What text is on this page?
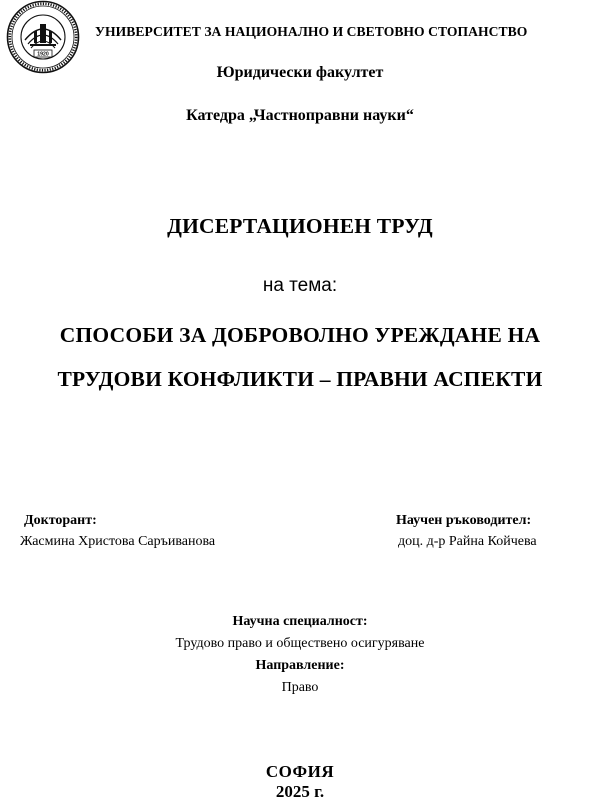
1920
УНИВЕРСИТЕТ ЗА НАЦИОНАЛНО И СВЕТОВНО СТОПАНСТВО
Юридически факултет
Катедра „Частноправни науки“
ДИСЕРТАЦИОНЕН ТРУД
на тема:
СПОСОБИ ЗА ДОБРОВОЛНО УРЕЖДАНЕ НА
ТРУДОВИ КОНФЛИКТИ – ПРАВНИ АСПЕКТИ
Докторант:
Жасмина Христова Саръиванова
Научен ръководител:
доц. д-р Райна Койчева
Научна специалност:
Трудово право и обществено осигуряване
Направление:
Право
СОФИЯ
2025 г.
